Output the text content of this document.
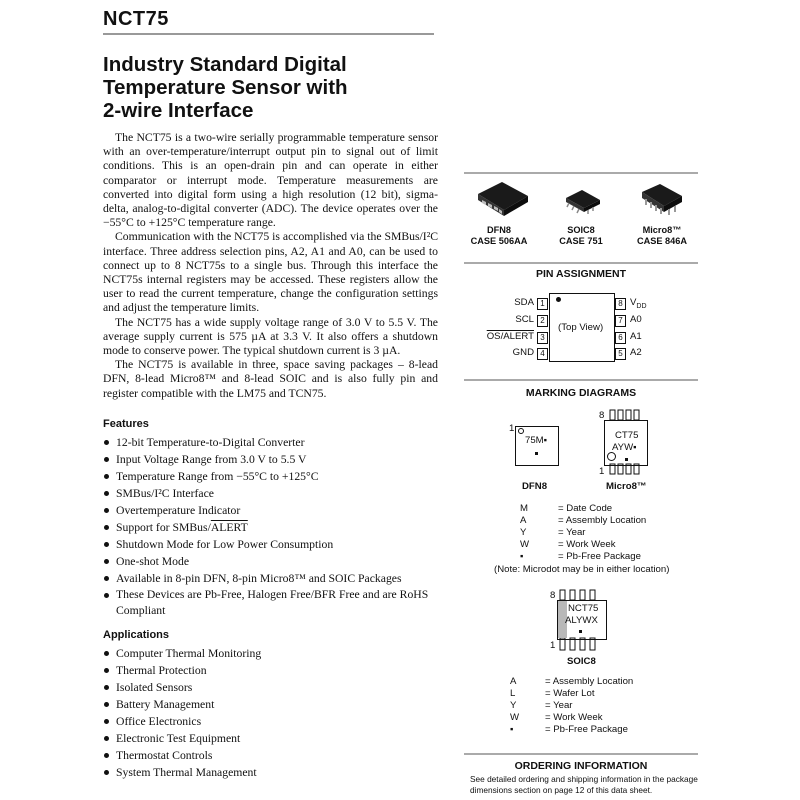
NCT75
Industry Standard Digital
Temperature Sensor with
2-wire Interface

The NCT75 is a two-wire serially programmable temperature sensor with an over-temperature/interrupt output pin to signal out of limit conditions. This is an open-drain pin and can operate in either comparator or interrupt mode. Temperature measurements are converted into digital form using a high resolution (12 bit), sigma-delta, analog-to-digital converter (ADC). The device operates over the −55°C to +125°C temperature range.

Communication with the NCT75 is accomplished via the SMBus/I²C interface. Three address selection pins, A2, A1 and A0, can be used to connect up to 8 NCT75s to a single bus. Through this interface the NCT75s internal registers may be accessed. These registers allow the user to read the current temperature, change the configuration settings and adjust the temperature limits.

The NCT75 has a wide supply voltage range of 3.0 V to 5.5 V. The average supply current is 575 µA at 3.3 V. It also offers a shutdown mode to conserve power. The typical shutdown current is 3 µA.

The NCT75 is available in three, space saving packages – 8-lead DFN, 8-lead Micro8™ and 8-lead SOIC and is also fully pin and register compatible with the LM75 and TCN75.

Features
12-bit Temperature-to-Digital Converter
Input Voltage Range from 3.0 V to 5.5 V
Temperature Range from −55°C to +125°C
SMBus/I²C Interface
Overtemperature Indicator
Support for SMBus/ALERT
Shutdown Mode for Low Power Consumption
One-shot Mode
Available in 8-pin DFN, 8-pin Micro8™ and SOIC Packages
These Devices are Pb-Free, Halogen Free/BFR Free and are RoHS Compliant
Applications
Computer Thermal Monitoring
Thermal Protection
Isolated Sensors
Battery Management
Office Electronics
Electronic Test Equipment
Thermostat Controls
System Thermal Management
DFN8
CASE 506AA
SOIC8
CASE 751
Micro8™
CASE 846A
PIN ASSIGNMENT
(Top View)
SDA 1
SCL 2
OS/ALERT 3
GND 4
8 $V_{DD}$
7 A0
6 A1
5 A2
MARKING DIAGRAMS
1
75M▪
DFN8
8
1
CT75
AYW▪
Micro8™
M	= Date Code
A	= Assembly Location
Y	= Year
W	= Work Week
▪	= Pb-Free Package
(Note: Microdot may be in either location)
8
1
NCT75
ALYWX
SOIC8
A	= Assembly Location
L	= Wafer Lot
Y	= Year
W	= Work Week
▪	= Pb-Free Package
ORDERING INFORMATION
See detailed ordering and shipping information in the package
dimensions section on page 12 of this data sheet.
